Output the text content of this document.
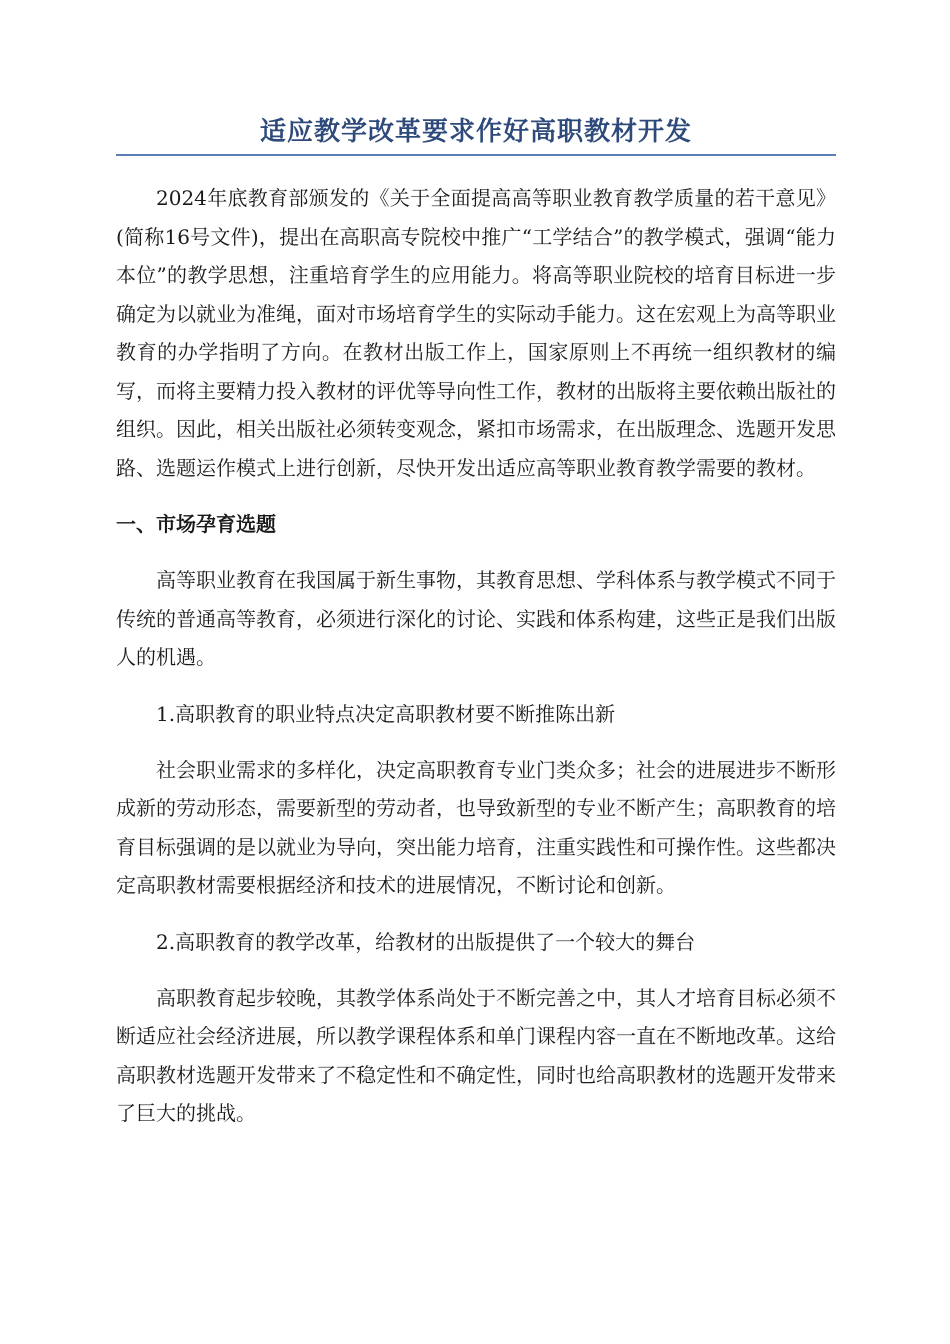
适应教学改革要求作好高职教材开发

2024年底教育部颁发的《关于全面提高高等职业教育教学质量的若干意见》(简称16号文件)，提出在高职高专院校中推广“工学结合”的教学模式，强调“能力本位”的教学思想，注重培育学生的应用能力。将高等职业院校的培育目标进一步确定为以就业为准绳，面对市场培育学生的实际动手能力。这在宏观上为高等职业教育的办学指明了方向。在教材出版工作上，国家原则上不再统一组织教材的编写，而将主要精力投入教材的评优等导向性工作，教材的出版将主要依赖出版社的组织。因此，相关出版社必须转变观念，紧扣市场需求，在出版理念、选题开发思路、选题运作模式上进行创新，尽快开发出适应高等职业教育教学需要的教材。

一、市场孕育选题

高等职业教育在我国属于新生事物，其教育思想、学科体系与教学模式不同于传统的普通高等教育，必须进行深化的讨论、实践和体系构建，这些正是我们出版人的机遇。

1.高职教育的职业特点决定高职教材要不断推陈出新

社会职业需求的多样化，决定高职教育专业门类众多；社会的进展进步不断形成新的劳动形态，需要新型的劳动者，也导致新型的专业不断产生；高职教育的培育目标强调的是以就业为导向，突出能力培育，注重实践性和可操作性。这些都决定高职教材需要根据经济和技术的进展情况，不断讨论和创新。

2.高职教育的教学改革，给教材的出版提供了一个较大的舞台

高职教育起步较晚，其教学体系尚处于不断完善之中，其人才培育目标必须不断适应社会经济进展，所以教学课程体系和单门课程内容一直在不断地改革。这给高职教材选题开发带来了不稳定性和不确定性，同时也给高职教材的选题开发带来了巨大的挑战。
